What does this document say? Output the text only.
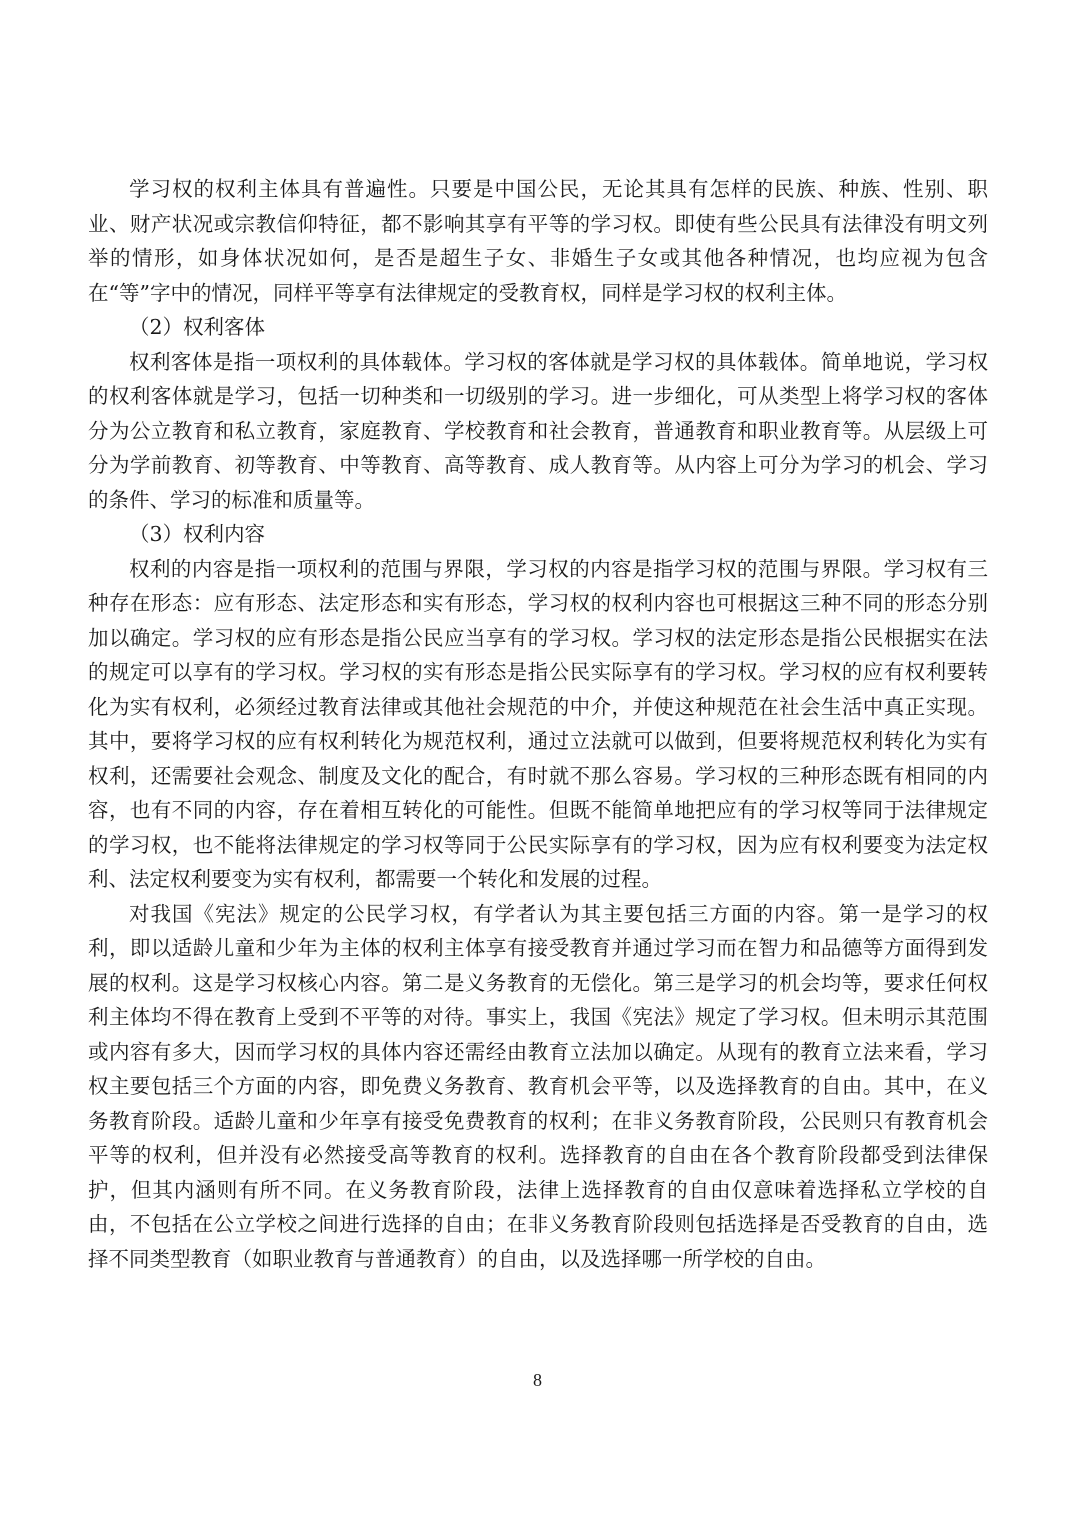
学习权的权利主体具有普遍性。只要是中国公民，无论其具有怎样的民族、种族、性别、职业、财产状况或宗教信仰特征，都不影响其享有平等的学习权。即使有些公民具有法律没有明文列举的情形，如身体状况如何，是否是超生子女、非婚生子女或其他各种情况，也均应视为包含在“等”字中的情况，同样平等享有法律规定的受教育权，同样是学习权的权利主体。

（2）权利客体

权利客体是指一项权利的具体载体。学习权的客体就是学习权的具体载体。简单地说，学习权的权利客体就是学习，包括一切种类和一切级别的学习。进一步细化，可从类型上将学习权的客体分为公立教育和私立教育，家庭教育、学校教育和社会教育，普通教育和职业教育等。从层级上可分为学前教育、初等教育、中等教育、高等教育、成人教育等。从内容上可分为学习的机会、学习的条件、学习的标准和质量等。

（3）权利内容

权利的内容是指一项权利的范围与界限，学习权的内容是指学习权的范围与界限。学习权有三种存在形态：应有形态、法定形态和实有形态，学习权的权利内容也可根据这三种不同的形态分别加以确定。学习权的应有形态是指公民应当享有的学习权。学习权的法定形态是指公民根据实在法的规定可以享有的学习权。学习权的实有形态是指公民实际享有的学习权。学习权的应有权利要转化为实有权利，必须经过教育法律或其他社会规范的中介，并使这种规范在社会生活中真正实现。其中，要将学习权的应有权利转化为规范权利，通过立法就可以做到，但要将规范权利转化为实有权利，还需要社会观念、制度及文化的配合，有时就不那么容易。学习权的三种形态既有相同的内容，也有不同的内容，存在着相互转化的可能性。但既不能简单地把应有的学习权等同于法律规定的学习权，也不能将法律规定的学习权等同于公民实际享有的学习权，因为应有权利要变为法定权利、法定权利要变为实有权利，都需要一个转化和发展的过程。

对我国《宪法》规定的公民学习权，有学者认为其主要包括三方面的内容。第一是学习的权利，即以适龄儿童和少年为主体的权利主体享有接受教育并通过学习而在智力和品德等方面得到发展的权利。这是学习权核心内容。第二是义务教育的无偿化。第三是学习的机会均等，要求任何权利主体均不得在教育上受到不平等的对待。事实上，我国《宪法》规定了学习权。但未明示其范围或内容有多大，因而学习权的具体内容还需经由教育立法加以确定。从现有的教育立法来看，学习权主要包括三个方面的内容，即免费义务教育、教育机会平等，以及选择教育的自由。其中，在义务教育阶段。适龄儿童和少年享有接受免费教育的权利；在非义务教育阶段，公民则只有教育机会平等的权利，但并没有必然接受高等教育的权利。选择教育的自由在各个教育阶段都受到法律保护，但其内涵则有所不同。在义务教育阶段，法律上选择教育的自由仅意味着选择私立学校的自由，不包括在公立学校之间进行选择的自由；在非义务教育阶段则包括选择是否受教育的自由，选择不同类型教育（如职业教育与普通教育）的自由，以及选择哪一所学校的自由。

8
